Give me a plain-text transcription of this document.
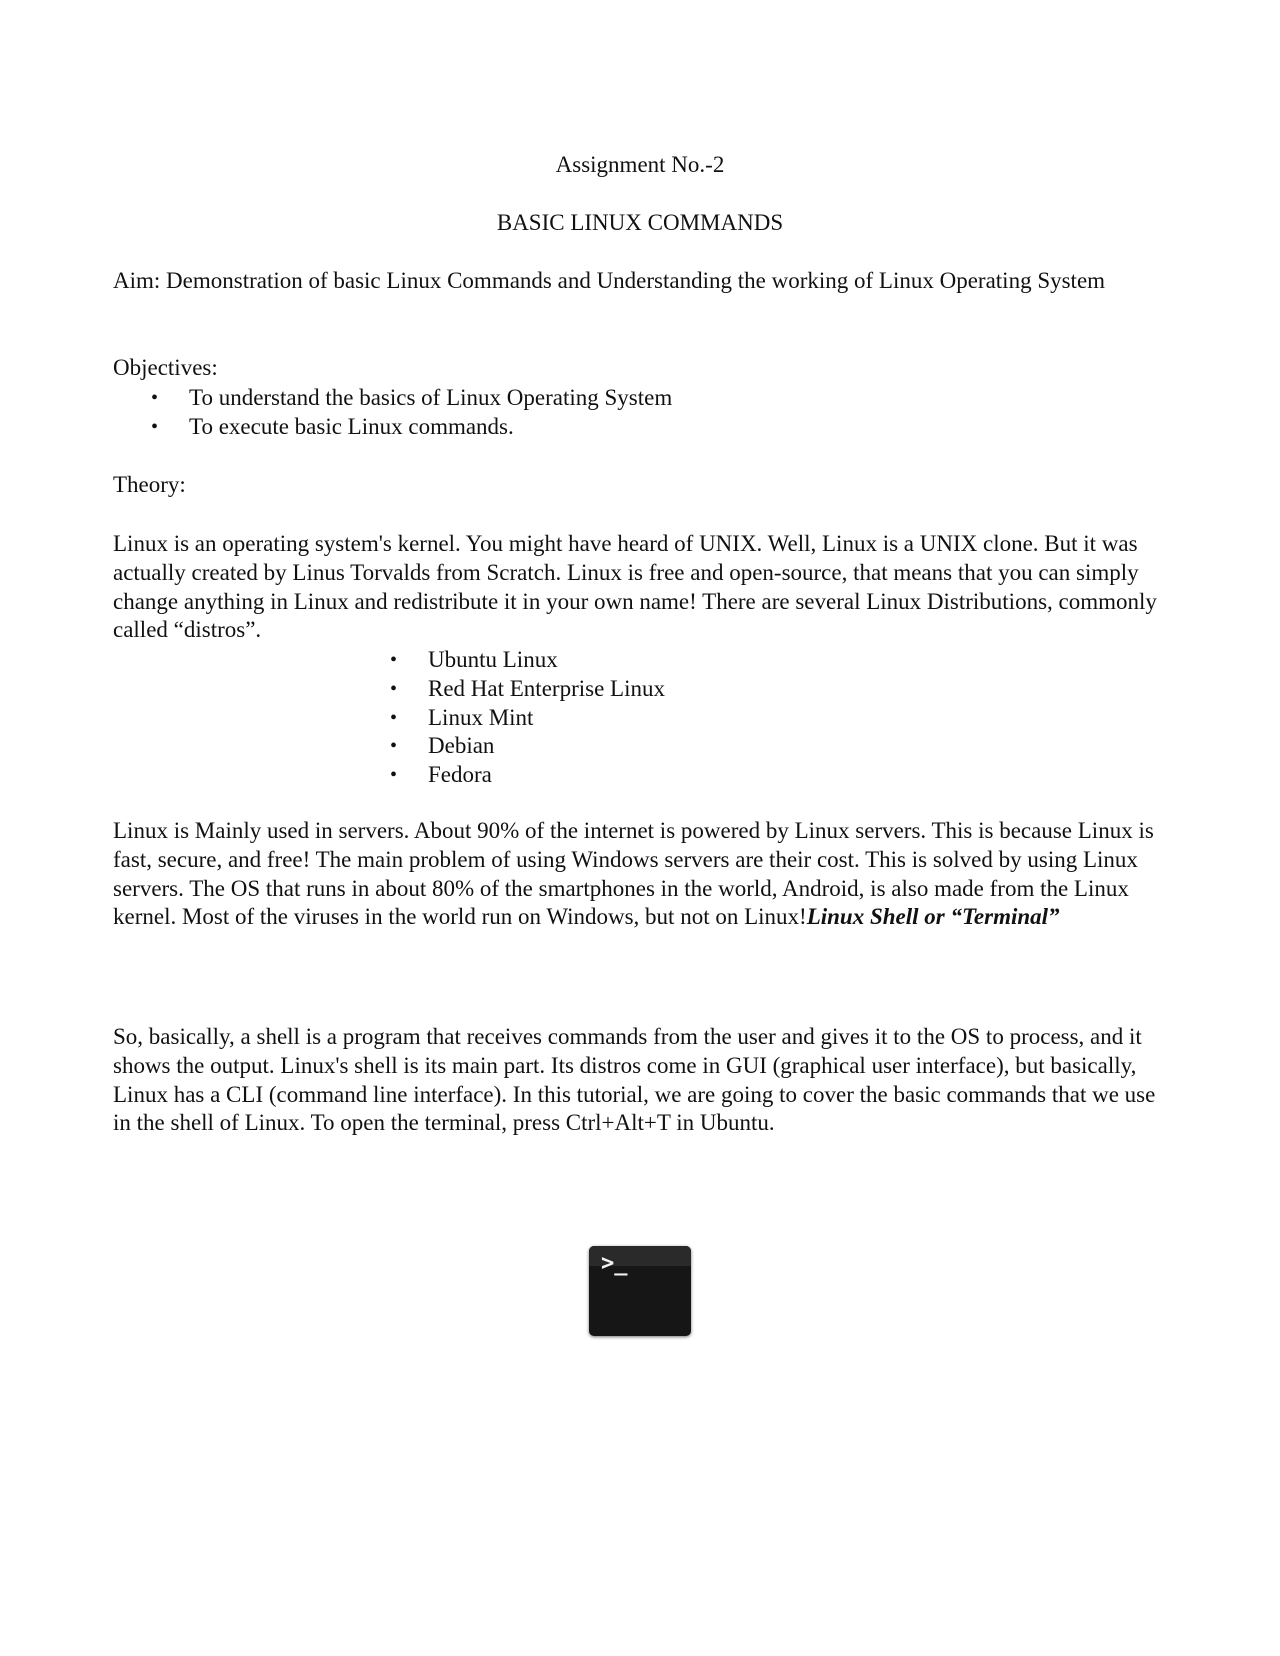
Assignment No.-2

BASIC LINUX COMMANDS

Aim: Demonstration of basic Linux Commands and Understanding the working of Linux Operating System

Objectives:

• To understand the basics of Linux Operating System
• To execute basic Linux commands.

Theory:

Linux is an operating system's kernel. You might have heard of UNIX. Well, Linux is a UNIX clone. But it was actually created by Linus Torvalds from Scratch. Linux is free and open-source, that means that you can simply change anything in Linux and redistribute it in your own name! There are several Linux Distributions, commonly called “distros”.

• Ubuntu Linux
• Red Hat Enterprise Linux
• Linux Mint
• Debian
• Fedora

Linux is Mainly used in servers. About 90% of the internet is powered by Linux servers. This is because Linux is fast, secure, and free! The main problem of using Windows servers are their cost. This is solved by using Linux servers. The OS that runs in about 80% of the smartphones in the world, Android, is also made from the Linux kernel. Most of the viruses in the world run on Windows, but not on Linux!Linux Shell or “Terminal”

So, basically, a shell is a program that receives commands from the user and gives it to the OS to process, and it shows the output. Linux's shell is its main part. Its distros come in GUI (graphical user interface), but basically, Linux has a CLI (command line interface). In this tutorial, we are going to cover the basic commands that we use in the shell of Linux. To open the terminal, press Ctrl+Alt+T in Ubuntu.

>_
